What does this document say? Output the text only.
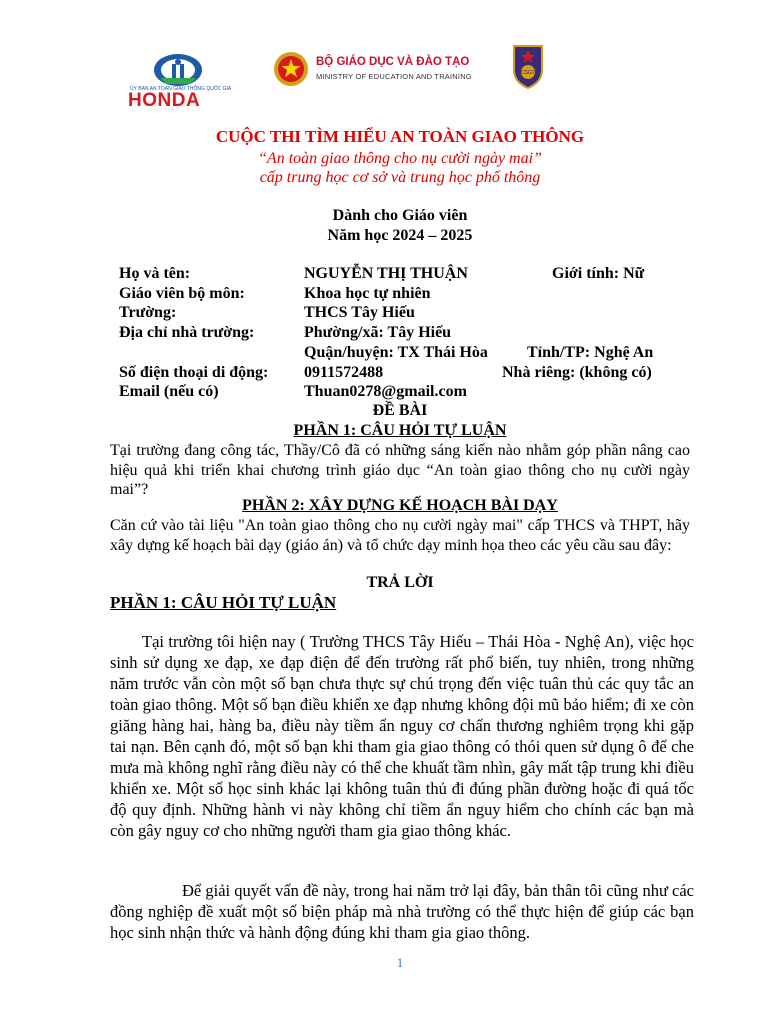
ỦY BAN AN TOÀN GIAO THÔNG QUỐC GIA
HONDA
BỘ GIÁO DỤC VÀ ĐÀO TẠO
MINISTRY OF EDUCATION AND TRAINING	CSGT
CUỘC THI TÌM HIỂU AN TOÀN GIAO THÔNG
“An toàn giao thông cho nụ cười ngày mai”
cấp trung học cơ sở và trung học phổ thông
Dành cho Giáo viên
Năm học 2024 – 2025
Họ và tên:	NGUYỄN THỊ THUẬN	Giới tính: Nữ
Giáo viên bộ môn:	Khoa học tự nhiên
Trường:	THCS Tây Hiếu
Địa chỉ nhà trường:	Phường/xã: Tây Hiếu
Quận/huyện: TX Thái Hòa Tỉnh/TP: Nghệ An
Số điện thoại di động: 0911572488	Nhà riêng: (không có)
Email (nếu có)	Thuan0278@gmail.com
ĐỀ BÀI
PHẦN 1: CÂU HỎI TỰ LUẬN
Tại trường đang công tác, Thầy/Cô đã có những sáng kiến nào nhằm góp phần nâng cao hiệu quả khi triển khai chương trình giáo dục “An toàn giao thông cho nụ cười ngày mai”?
PHẦN 2: XÂY DỰNG KẾ HOẠCH BÀI DẠY
Căn cứ vào tài liệu "An toàn giao thông cho nụ cười ngày mai" cấp THCS và THPT, hãy xây dựng kế hoạch bài dạy (giáo án) và tổ chức dạy minh họa theo các yêu cầu sau đây:
TRẢ LỜI
PHẦN 1: CÂU HỎI TỰ LUẬN
Tại trường tôi hiện nay ( Trường THCS Tây Hiếu – Thái Hòa - Nghệ An), việc học sinh sử dụng xe đạp, xe đạp điện để đến trường rất phổ biến, tuy nhiên, trong những năm trước vẫn còn một số bạn chưa thực sự chú trọng đến việc tuân thủ các quy tắc an toàn giao thông. Một số bạn điều khiển xe đạp nhưng không đội mũ bảo hiểm; đi xe còn giăng hàng hai, hàng ba, điều này tiềm ẩn nguy cơ chấn thương nghiêm trọng khi gặp tai nạn. Bên cạnh đó, một số bạn khi tham gia giao thông có thói quen sử dụng ô để che mưa mà không nghĩ rằng điều này có thể che khuất tầm nhìn, gây mất tập trung khi điều khiển xe. Một số học sinh khác lại không tuân thủ đi đúng phần đường hoặc đi quá tốc độ quy định. Những hành vi này không chỉ tiềm ẩn nguy hiểm cho chính các bạn mà còn gây nguy cơ cho những người tham gia giao thông khác.
Để giải quyết vấn đề này, trong hai năm trở lại đây, bản thân tôi cũng như các đồng nghiệp đề xuất một số biện pháp mà nhà trường có thể thực hiện để giúp các bạn học sinh nhận thức và hành động đúng khi tham gia giao thông.
1
